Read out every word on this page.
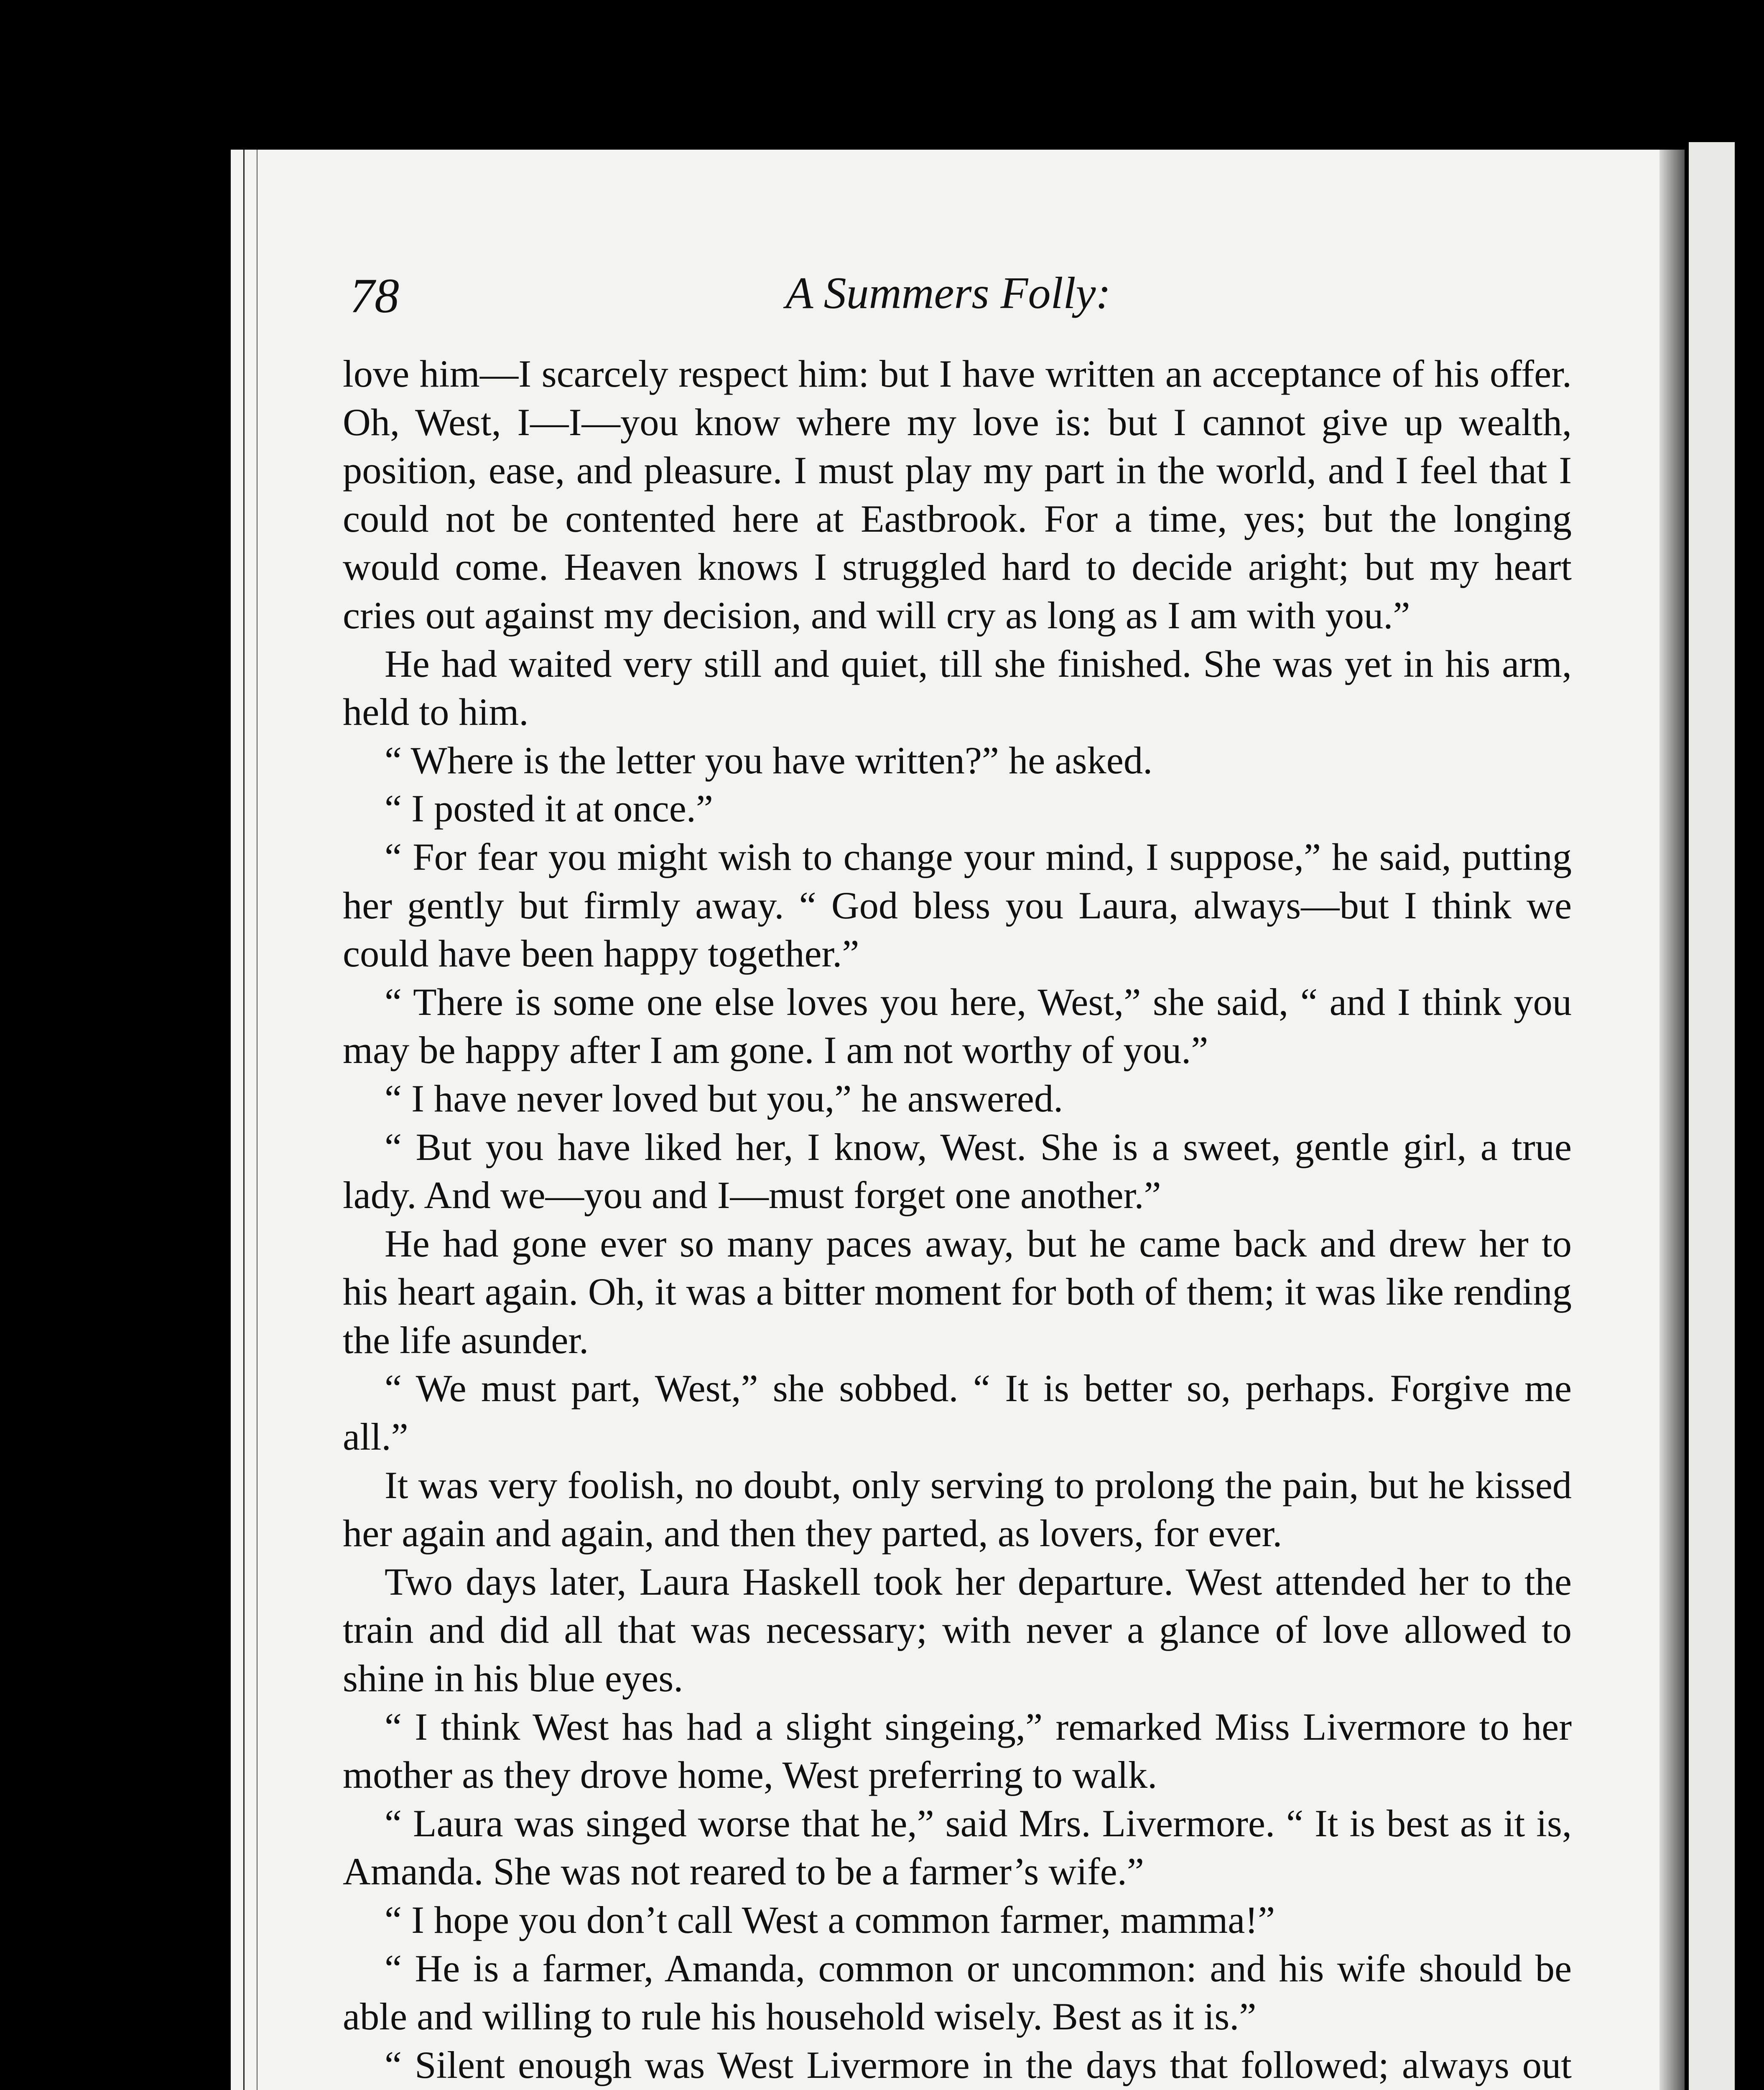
78	A Summers Folly:

love him—I scarcely respect him: but I have written an acceptance of his offer. Oh, West, I—I—you know where my love is: but I cannot give up wealth, position, ease, and pleasure. I must play my part in the world, and I feel that I could not be contented here at Eastbrook. For a time, yes; but the longing would come. Heaven knows I struggled hard to decide aright; but my heart cries out against my decision, and will cry as long as I am with you.”

He had waited very still and quiet, till she finished. She was yet in his arm, held to him.

“ Where is the letter you have written?” he asked.

“ I posted it at once.”

“ For fear you might wish to change your mind, I suppose,” he said, putting her gently but firmly away. “ God bless you Laura, always—but I think we could have been happy together.”

“ There is some one else loves you here, West,” she said, “ and I think you may be happy after I am gone. I am not worthy of you.”

“ I have never loved but you,” he answered.

“ But you have liked her, I know, West. She is a sweet, gentle girl, a true lady. And we—you and I—must forget one another.”

He had gone ever so many paces away, but he came back and drew her to his heart again. Oh, it was a bitter moment for both of them; it was like rending the life asunder.

“ We must part, West,” she sobbed. “ It is better so, perhaps. Forgive me all.”

It was very foolish, no doubt, only serving to prolong the pain, but he kissed her again and again, and then they parted, as lovers, for ever.

Two days later, Laura Haskell took her departure. West attended her to the train and did all that was necessary; with never a glance of love allowed to shine in his blue eyes.

“ I think West has had a slight singeing,” remarked Miss Livermore to her mother as they drove home, West preferring to walk.

“ Laura was singed worse that he,” said Mrs. Livermore. “ It is best as it is, Amanda. She was not reared to be a farmer’s wife.”

“ I hope you don’t call West a common farmer, mamma!”

“ He is a farmer, Amanda, common or uncommon: and his wife should be able and willing to rule his household wisely. Best as it is.”

“ Silent enough was West Livermore in the days that followed; always out
